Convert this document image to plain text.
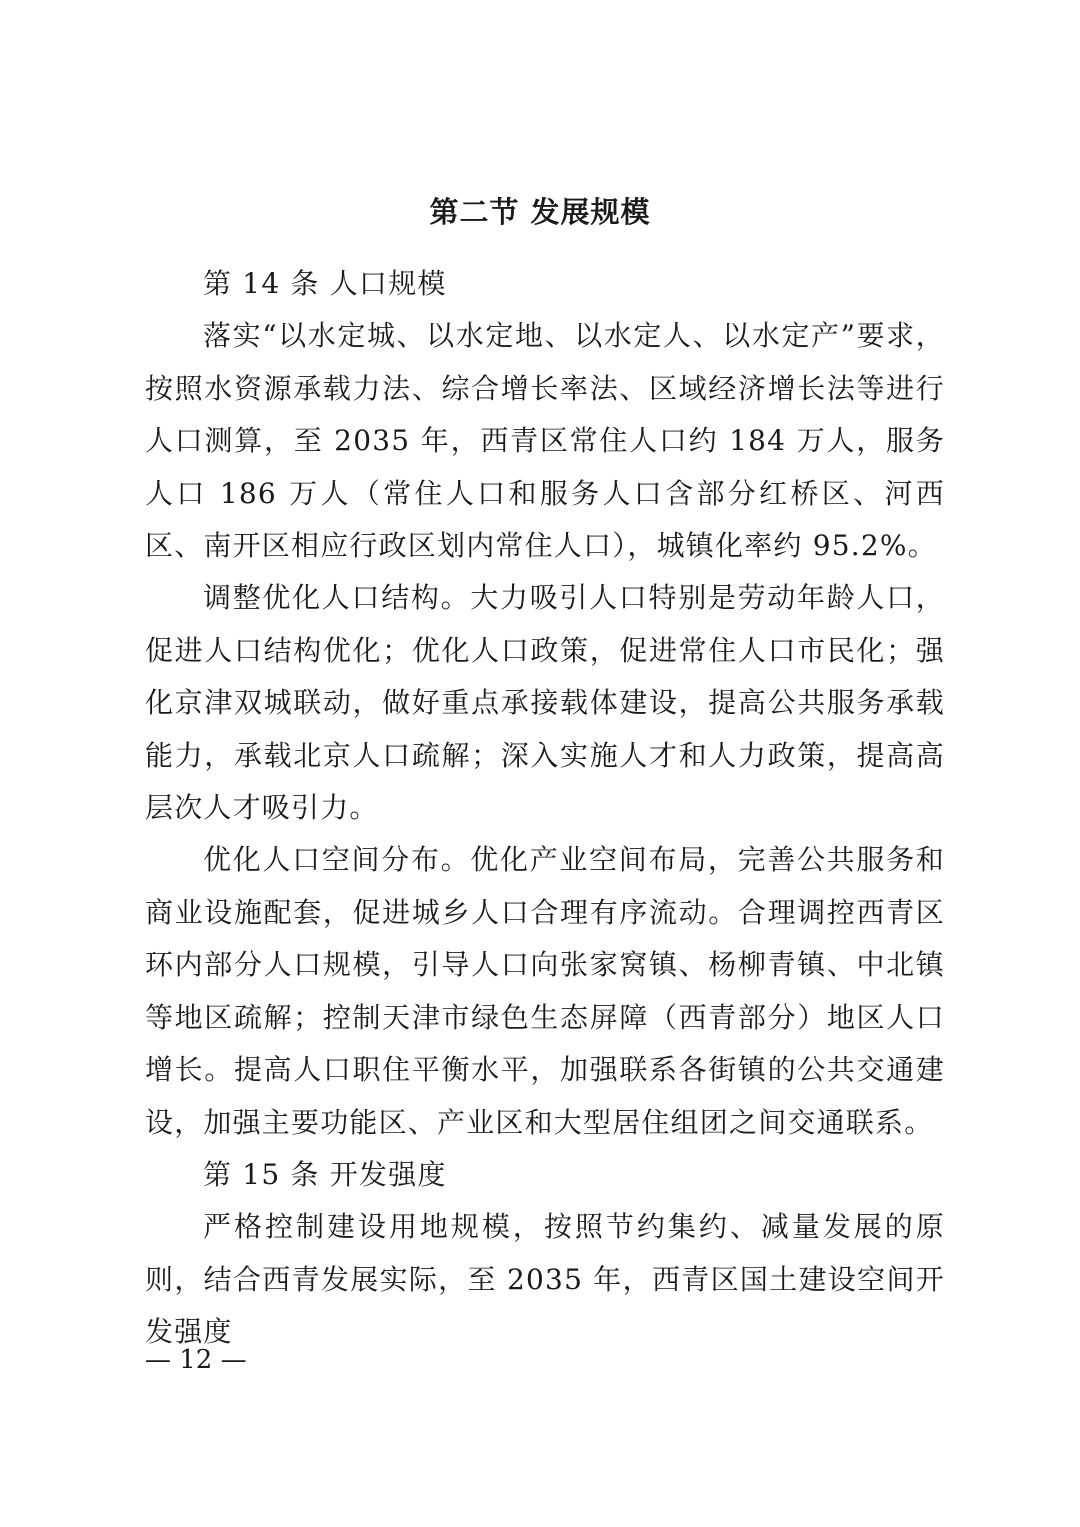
第二节 发展规模

第 14 条 人口规模

落实“以水定城、以水定地、以水定人、以水定产”要求，按照水资源承载力法、综合增长率法、区域经济增长法等进行人口测算，至 2035 年，西青区常住人口约 184 万人，服务人口 186 万人（常住人口和服务人口含部分红桥区、河西区、南开区相应行政区划内常住人口），城镇化率约 95.2%。

调整优化人口结构。大力吸引人口特别是劳动年龄人口，促进人口结构优化；优化人口政策，促进常住人口市民化；强化京津双城联动，做好重点承接载体建设，提高公共服务承载能力，承载北京人口疏解；深入实施人才和人力政策，提高高层次人才吸引力。

优化人口空间分布。优化产业空间布局，完善公共服务和商业设施配套，促进城乡人口合理有序流动。合理调控西青区环内部分人口规模，引导人口向张家窝镇、杨柳青镇、中北镇等地区疏解；控制天津市绿色生态屏障（西青部分）地区人口增长。提高人口职住平衡水平，加强联系各街镇的公共交通建设，加强主要功能区、产业区和大型居住组团之间交通联系。

第 15 条 开发强度

严格控制建设用地规模，按照节约集约、减量发展的原则，结合西青发展实际，至 2035 年，西青区国土建设空间开发强度

— 12 —
